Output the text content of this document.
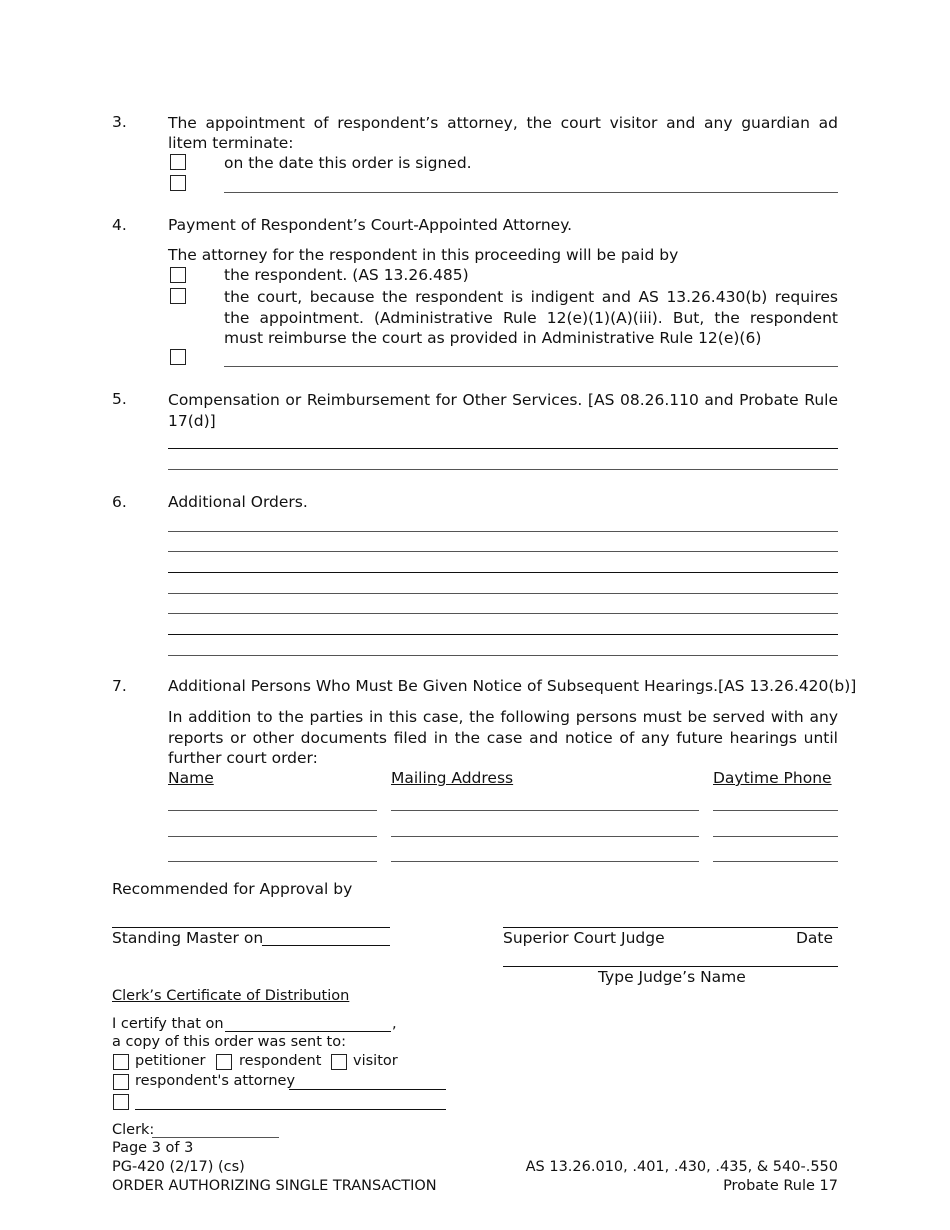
3.	The appointment of respondent’s attorney, the court visitor and any guardian ad litem terminate:
on the date this order is signed.
4.	Payment of Respondent’s Court-Appointed Attorney.
The attorney for the respondent in this proceeding will be paid by
the respondent. (AS 13.26.485)
the court, because the respondent is indigent and AS 13.26.430(b) requires the appointment. (Administrative Rule 12(e)(1)(A)(iii). But, the respondent must reimburse the court as provided in Administrative Rule 12(e)(6)
5.	Compensation or Reimbursement for Other Services. [AS 08.26.110 and Probate Rule 17(d)]
6.	Additional Orders.
7.	Additional Persons Who Must Be Given Notice of Subsequent Hearings.[AS 13.26.420(b)]
In addition to the parties in this case, the following persons must be served with any reports or other documents filed in the case and notice of any future hearings until further court order:
Name	Mailing Address	Daytime Phone
Recommended for Approval by
Standing Master on	Superior Court Judge	Date
Type Judge’s Name
Clerk’s Certificate of Distribution
I certify that on	,
a copy of this order was sent to:
petitioner respondent visitor
respondent's attorney
Clerk:
Page 3 of 3
PG-420 (2/17) (cs)
ORDER AUTHORIZING SINGLE TRANSACTION
AS 13.26.010, .401, .430, .435, & 540-.550
Probate Rule 17
